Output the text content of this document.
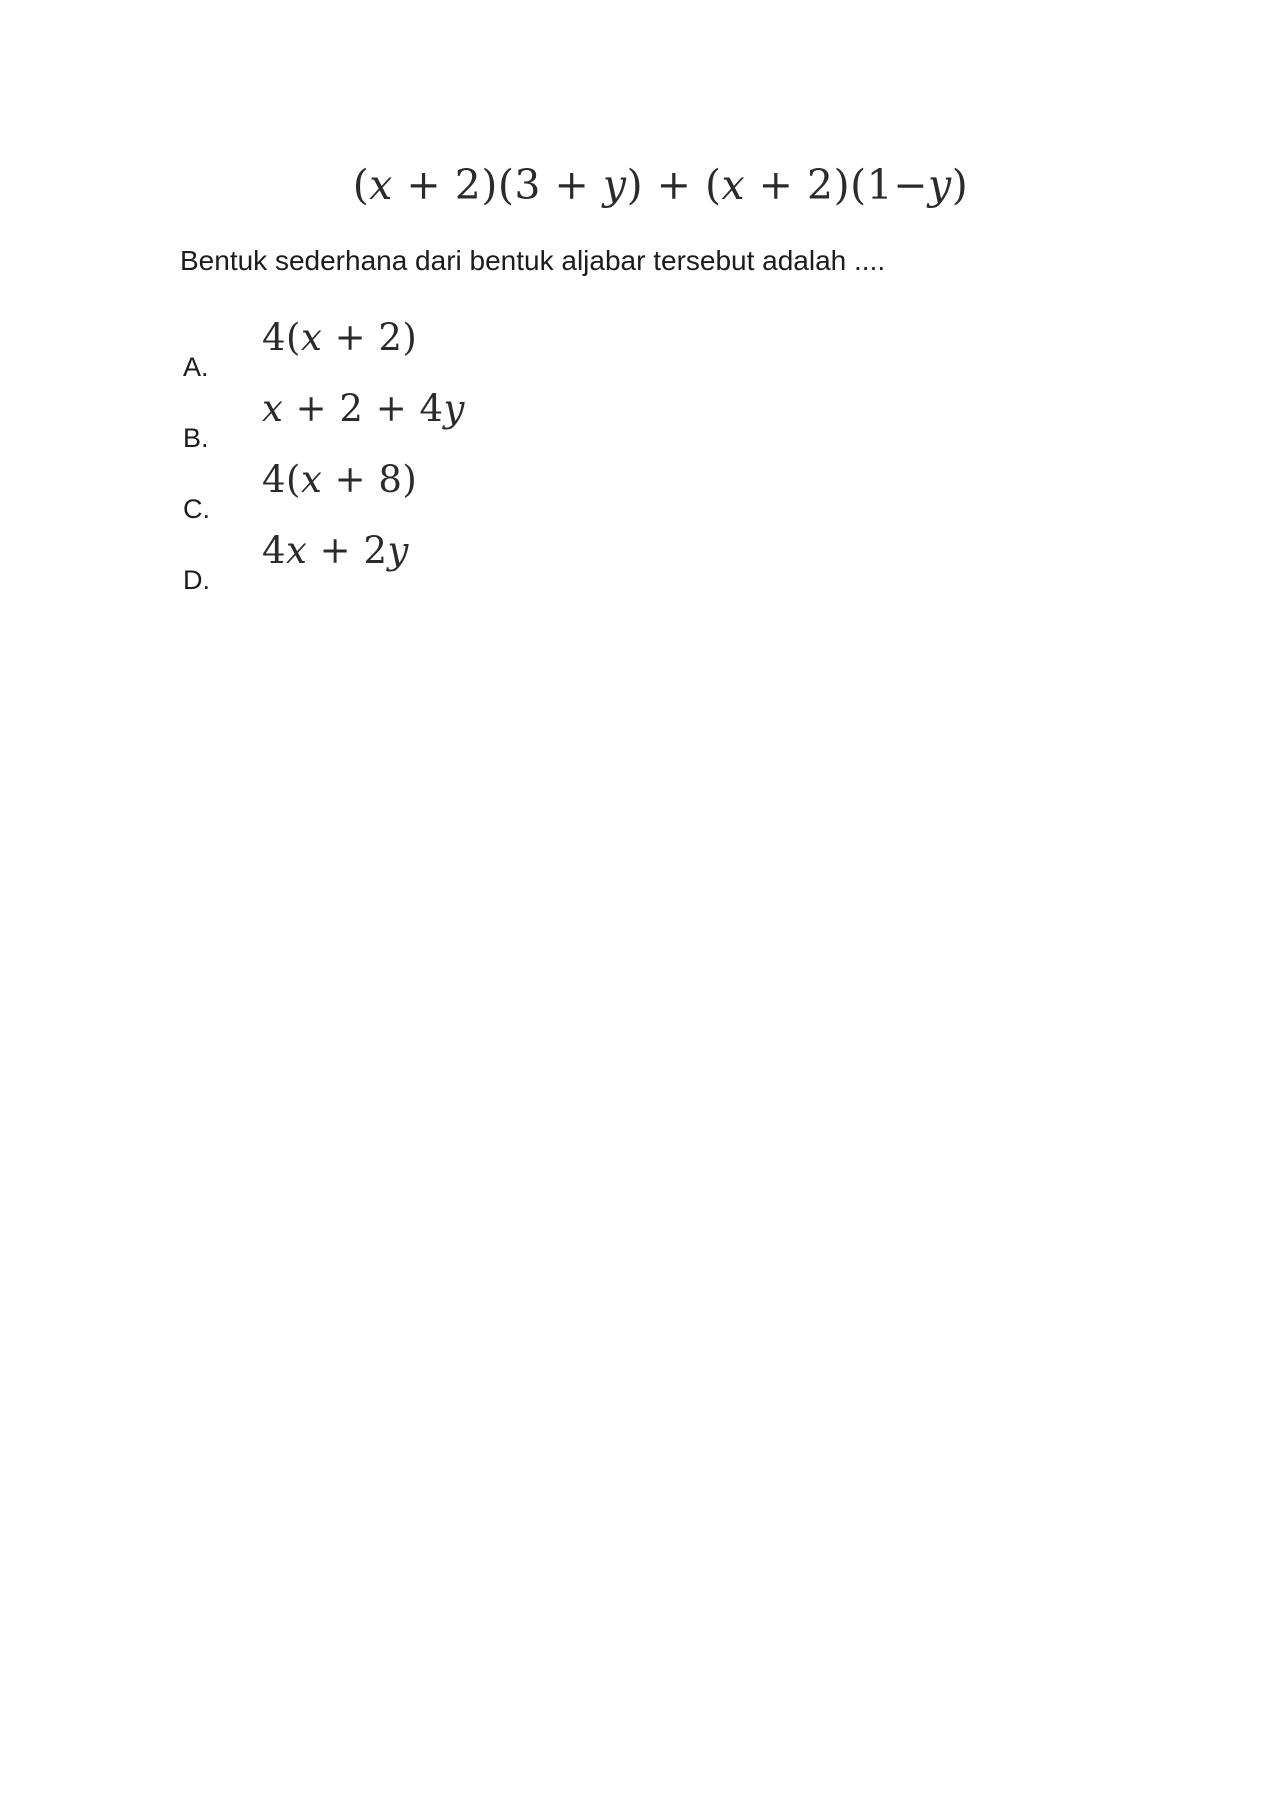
(x + 2)(3 + y) + (x + 2)(1−y)
Bentuk sederhana dari bentuk aljabar tersebut adalah ....
A.
4(x + 2)
B.
x + 2 + 4y
C.
4(x + 8)
D.
4x + 2y
